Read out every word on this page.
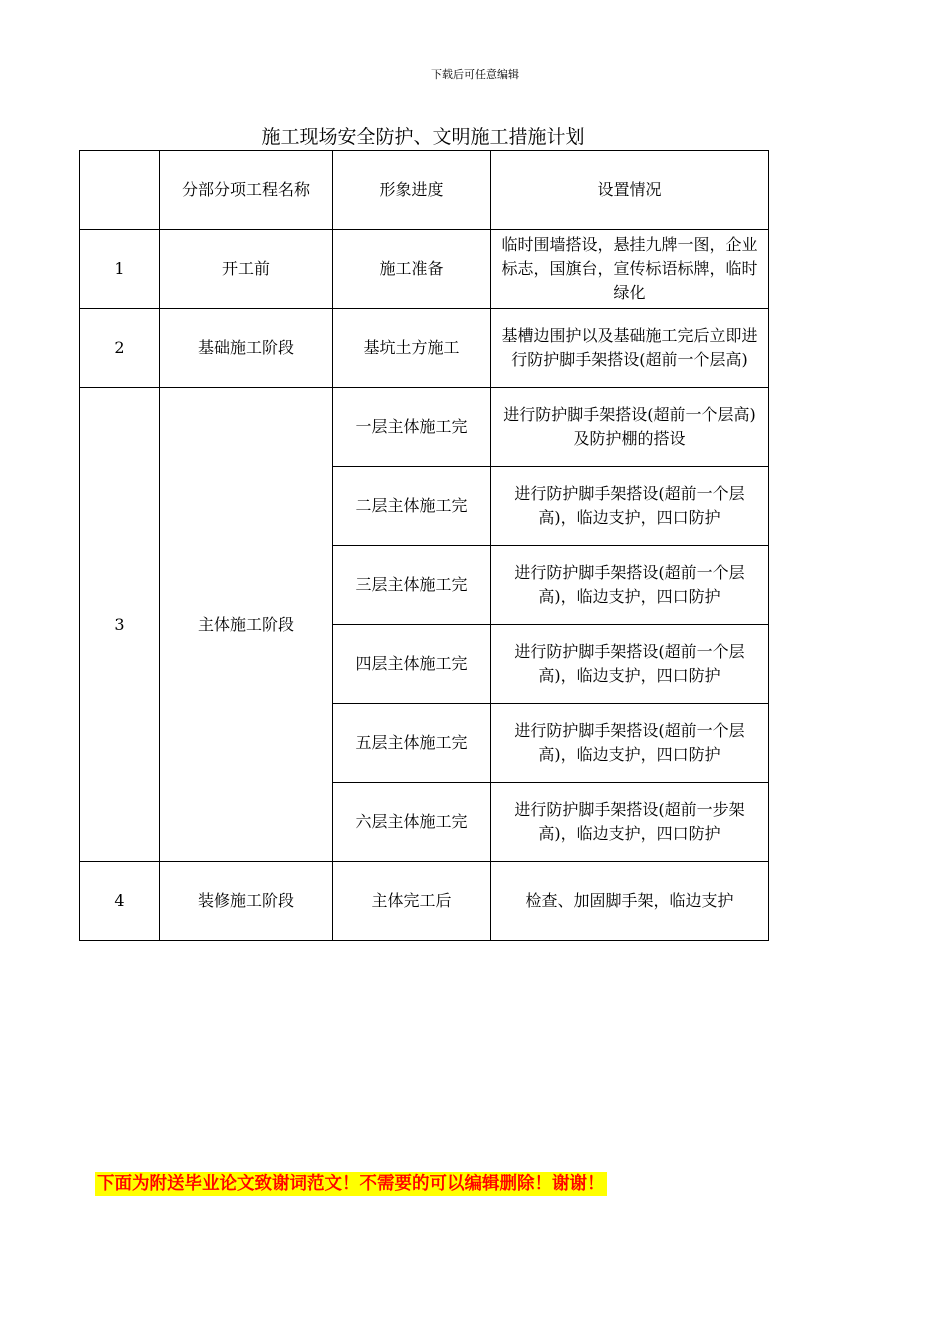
下载后可任意编辑
施工现场安全防护、文明施工措施计划
	分部分项工程名称	形象进度	设置情况
1	开工前	施工准备	临时围墙搭设，悬挂九牌一图，企业标志，国旗台，宣传标语标牌，临时绿化
2	基础施工阶段	基坑土方施工	基槽边围护以及基础施工完后立即进行防护脚手架搭设(超前一个层高)
3	主体施工阶段	一层主体施工完	进行防护脚手架搭设(超前一个层高)及防护棚的搭设
		二层主体施工完	进行防护脚手架搭设(超前一个层高)，临边支护，四口防护
		三层主体施工完	进行防护脚手架搭设(超前一个层高)，临边支护，四口防护
		四层主体施工完	进行防护脚手架搭设(超前一个层高)，临边支护，四口防护
		五层主体施工完	进行防护脚手架搭设(超前一个层高)，临边支护，四口防护
		六层主体施工完	进行防护脚手架搭设(超前一步架高)，临边支护，四口防护
4	装修施工阶段	主体完工后	检查、加固脚手架，临边支护
下面为附送毕业论文致谢词范文！不需要的可以编辑删除！谢谢！
